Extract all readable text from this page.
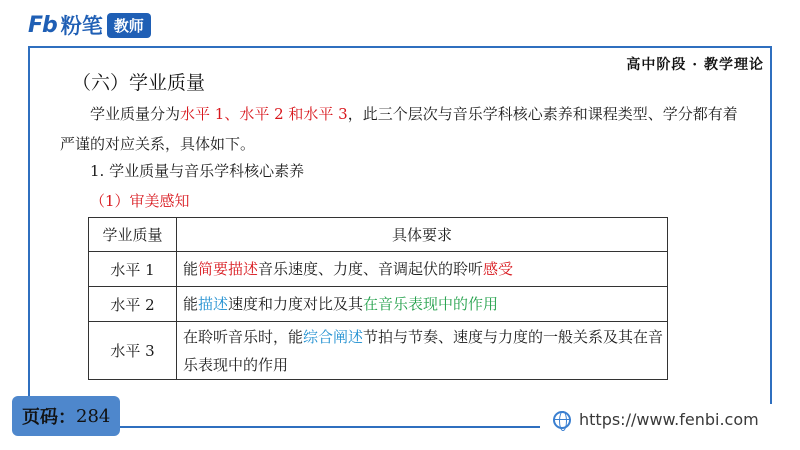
Fb 粉笔 教师
高中阶段 · 教学理论
（六）学业质量

学业质量分为水平 1、水平 2 和水平 3，此三个层次与音乐学科核心素养和课程类型、学分都有着严谨的对应关系，具体如下。

1. 学业质量与音乐学科核心素养
（1）审美感知
学业质量	具体要求
水平 1	能简要描述音乐速度、力度、音调起伏的聆听感受
水平 2	能描述速度和力度对比及其在音乐表现中的作用
水平 3	在聆听音乐时，能综合阐述节拍与节奏、速度与力度的一般关系及其在音乐表现中的作用
页码： 284	https://www.fenbi.com
